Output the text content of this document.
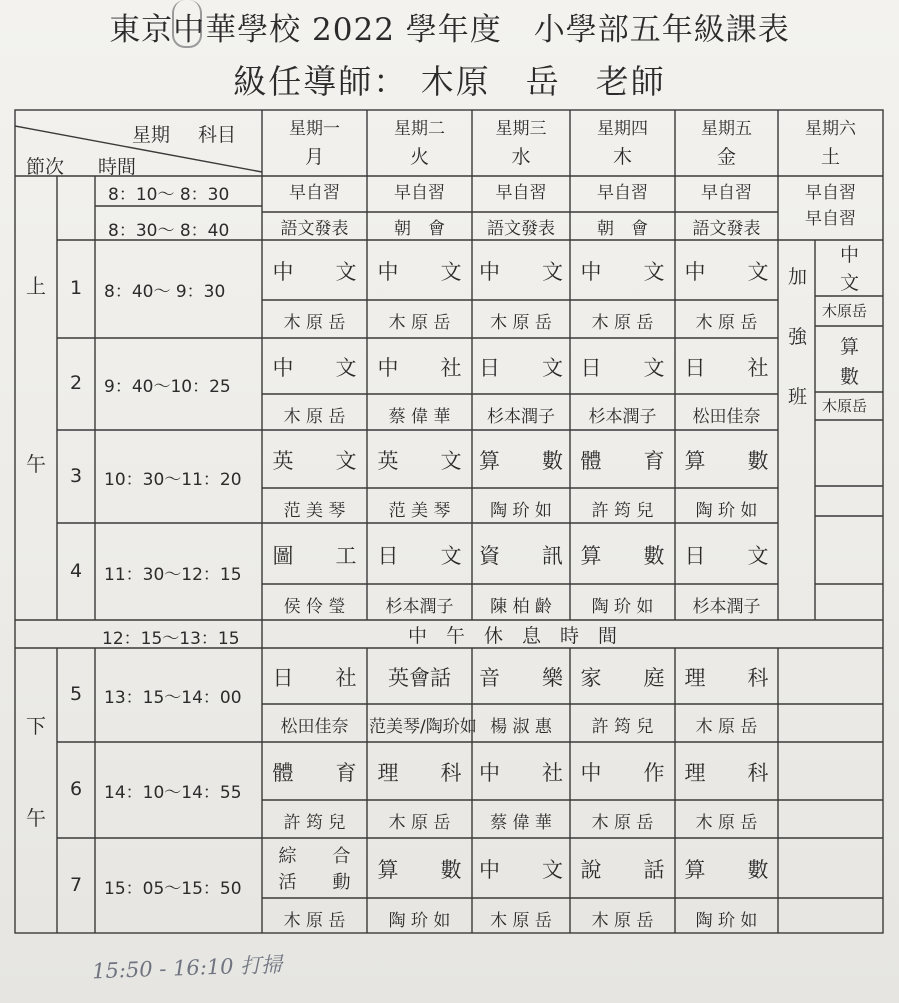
東京中華學校 2022 學年度　小學部五年級課表
級任導師： 木原　岳　老師
星期 科目
節次 時間
星期一
月
星期二
火
星期三
水
星期四
木
星期五
金
星期六
土
上
午
下
午
8：10～ 8：30
8：30～ 8：40
早自習
語文發表
早自習
朝　會
早自習
語文發表
早自習
朝　會
早自習
語文發表
早自習
早自習
1 8：40～ 9：30
中　　文
木 原 岳
中　　文
木 原 岳
中　　文
木 原 岳
中　　文
木 原 岳
中　　文
木 原 岳
2 9：40～10：25
中　　文
木 原 岳
中　　社
蔡 偉 華
日　　文
杉本潤子
日　　文
杉本潤子
日　　社
松田佳奈
3 10：30～11：20
英　　文
范 美 琴
英　　文
范 美 琴
算　　數
陶 玠 如
體　　育
許 筠 兒
算　　數
陶 玠 如
4 11：30～12：15
圖　　工
侯 伶 瑩
日　　文
杉本潤子
資　　訊
陳 柏 齡
算　　數
陶 玠 如
日　　文
杉本潤子
5 13：15～14：00
日　　社
松田佳奈
英會話
范美琴/陶玠如
音　　樂
楊 淑 惠
家　　庭
許 筠 兒
理　　科
木 原 岳
6 14：10～14：55
體　　育
許 筠 兒
理　　科
木 原 岳
中　　社
蔡 偉 華
中　　作
木 原 岳
理　　科
木 原 岳
7 15：05～15：50
綜　　合
活　　動
木 原 岳
算　　數
陶 玠 如
中　　文
木 原 岳
說　　話
木 原 岳
算　　數
陶 玠 如
加
強
班
中
文
木原岳
算
數
木原岳
12：15～13：15	中　午　休　息　時　間
15:50 - 16:10 打掃
